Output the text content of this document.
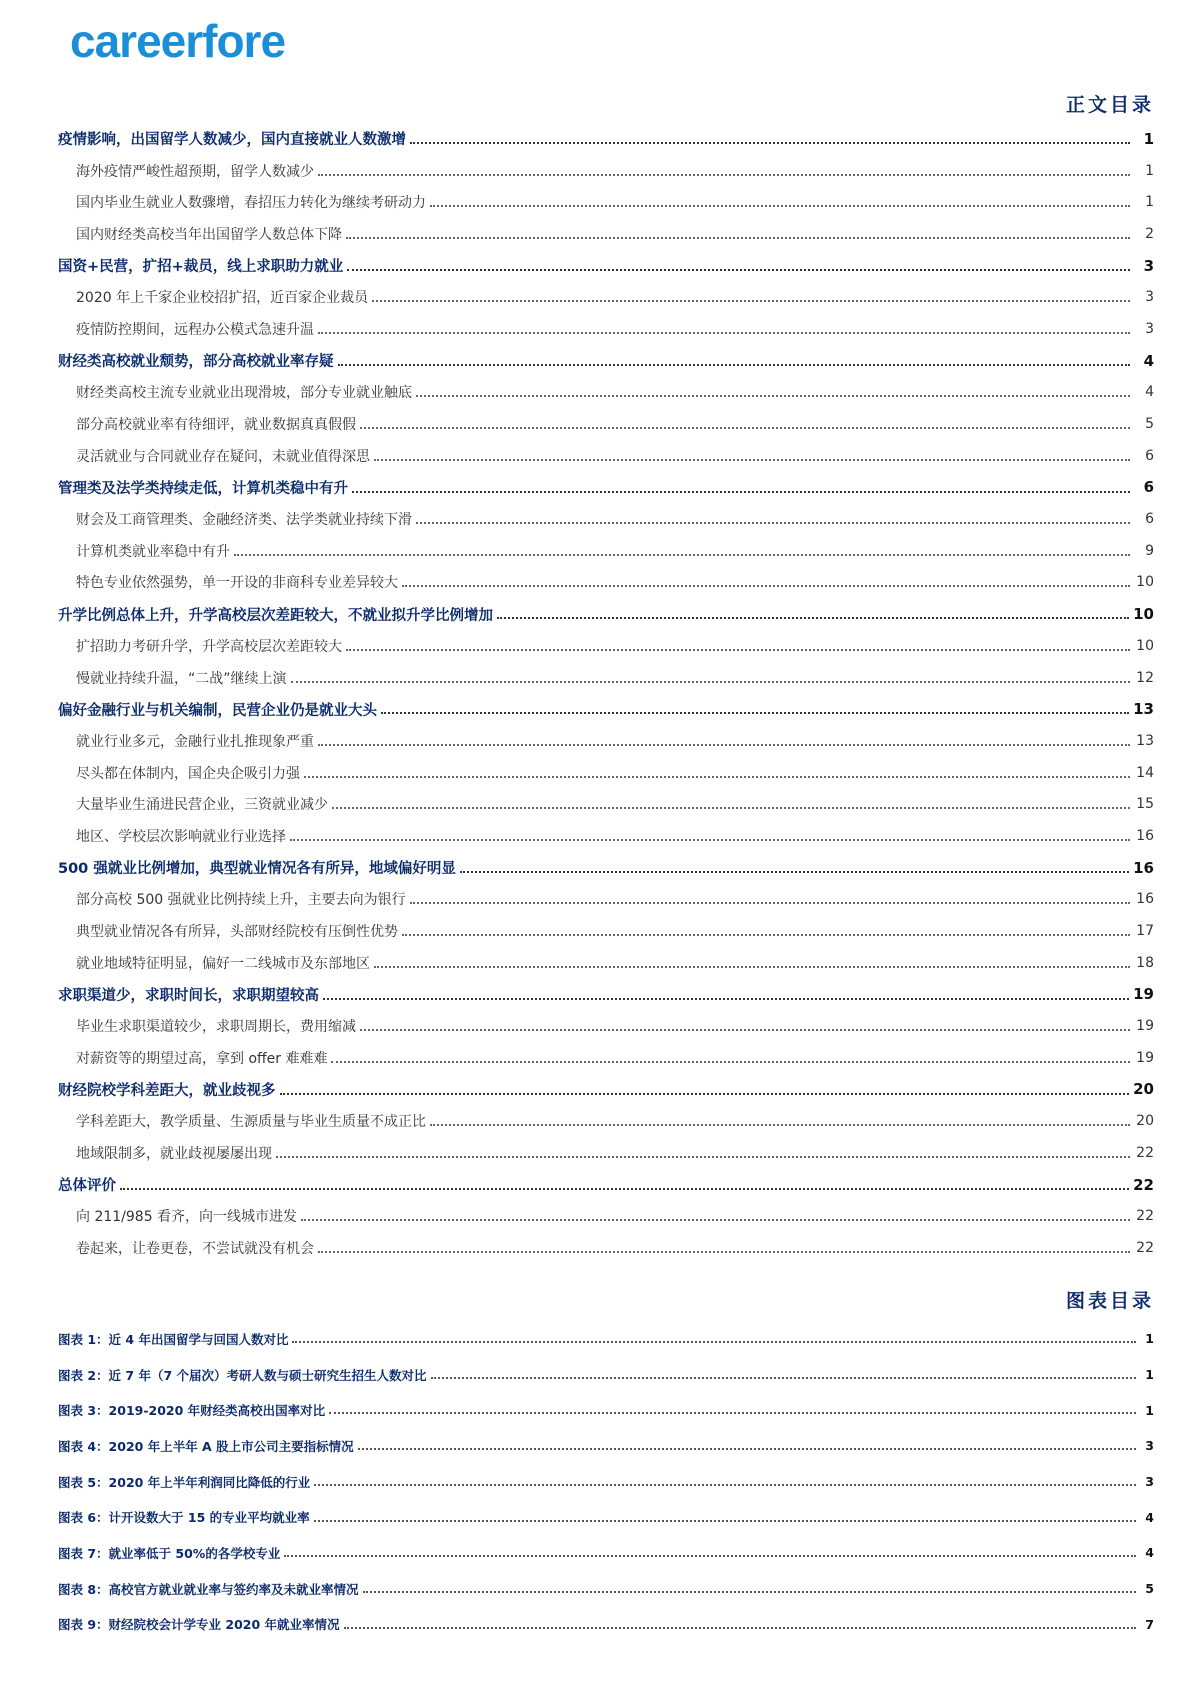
careerfore
正文目录
疫情影响，出国留学人数减少，国内直接就业人数激增	1
海外疫情严峻性超预期，留学人数减少	1
国内毕业生就业人数骤增，春招压力转化为继续考研动力	1
国内财经类高校当年出国留学人数总体下降	2
国资+民营，扩招+裁员，线上求职助力就业	3
2020 年上千家企业校招扩招，近百家企业裁员	3
疫情防控期间，远程办公模式急速升温	3
财经类高校就业颓势，部分高校就业率存疑	4
财经类高校主流专业就业出现滑坡，部分专业就业触底	4
部分高校就业率有待细评，就业数据真真假假	5
灵活就业与合同就业存在疑问，未就业值得深思	6
管理类及法学类持续走低，计算机类稳中有升	6
财会及工商管理类、金融经济类、法学类就业持续下滑	6
计算机类就业率稳中有升	9
特色专业依然强势，单一开设的非商科专业差异较大	10
升学比例总体上升，升学高校层次差距较大，不就业拟升学比例增加	10
扩招助力考研升学，升学高校层次差距较大	10
慢就业持续升温，“二战”继续上演	12
偏好金融行业与机关编制，民营企业仍是就业大头	13
就业行业多元，金融行业扎推现象严重	13
尽头都在体制内，国企央企吸引力强	14
大量毕业生涌进民营企业，三资就业减少	15
地区、学校层次影响就业行业选择	16
500 强就业比例增加，典型就业情况各有所异，地域偏好明显	16
部分高校 500 强就业比例持续上升，主要去向为银行	16
典型就业情况各有所异，头部财经院校有压倒性优势	17
就业地域特征明显，偏好一二线城市及东部地区	18
求职渠道少，求职时间长，求职期望较高	19
毕业生求职渠道较少，求职周期长，费用缩减	19
对薪资等的期望过高，拿到 offer 难难难	19
财经院校学科差距大，就业歧视多	20
学科差距大，教学质量、生源质量与毕业生质量不成正比	20
地域限制多，就业歧视屡屡出现	22
总体评价	22
向 211/985 看齐，向一线城市进发	22
卷起来，让卷更卷，不尝试就没有机会	22
图表目录
图表 1：近 4 年出国留学与回国人数对比	1
图表 2：近 7 年（7 个届次）考研人数与硕士研究生招生人数对比	1
图表 3：2019-2020 年财经类高校出国率对比	1
图表 4：2020 年上半年 A 股上市公司主要指标情况	3
图表 5：2020 年上半年利润同比降低的行业	3
图表 6：计开设数大于 15 的专业平均就业率	4
图表 7：就业率低于 50%的各学校专业	4
图表 8：高校官方就业就业率与签约率及未就业率情况	5
图表 9：财经院校会计学专业 2020 年就业率情况	7
